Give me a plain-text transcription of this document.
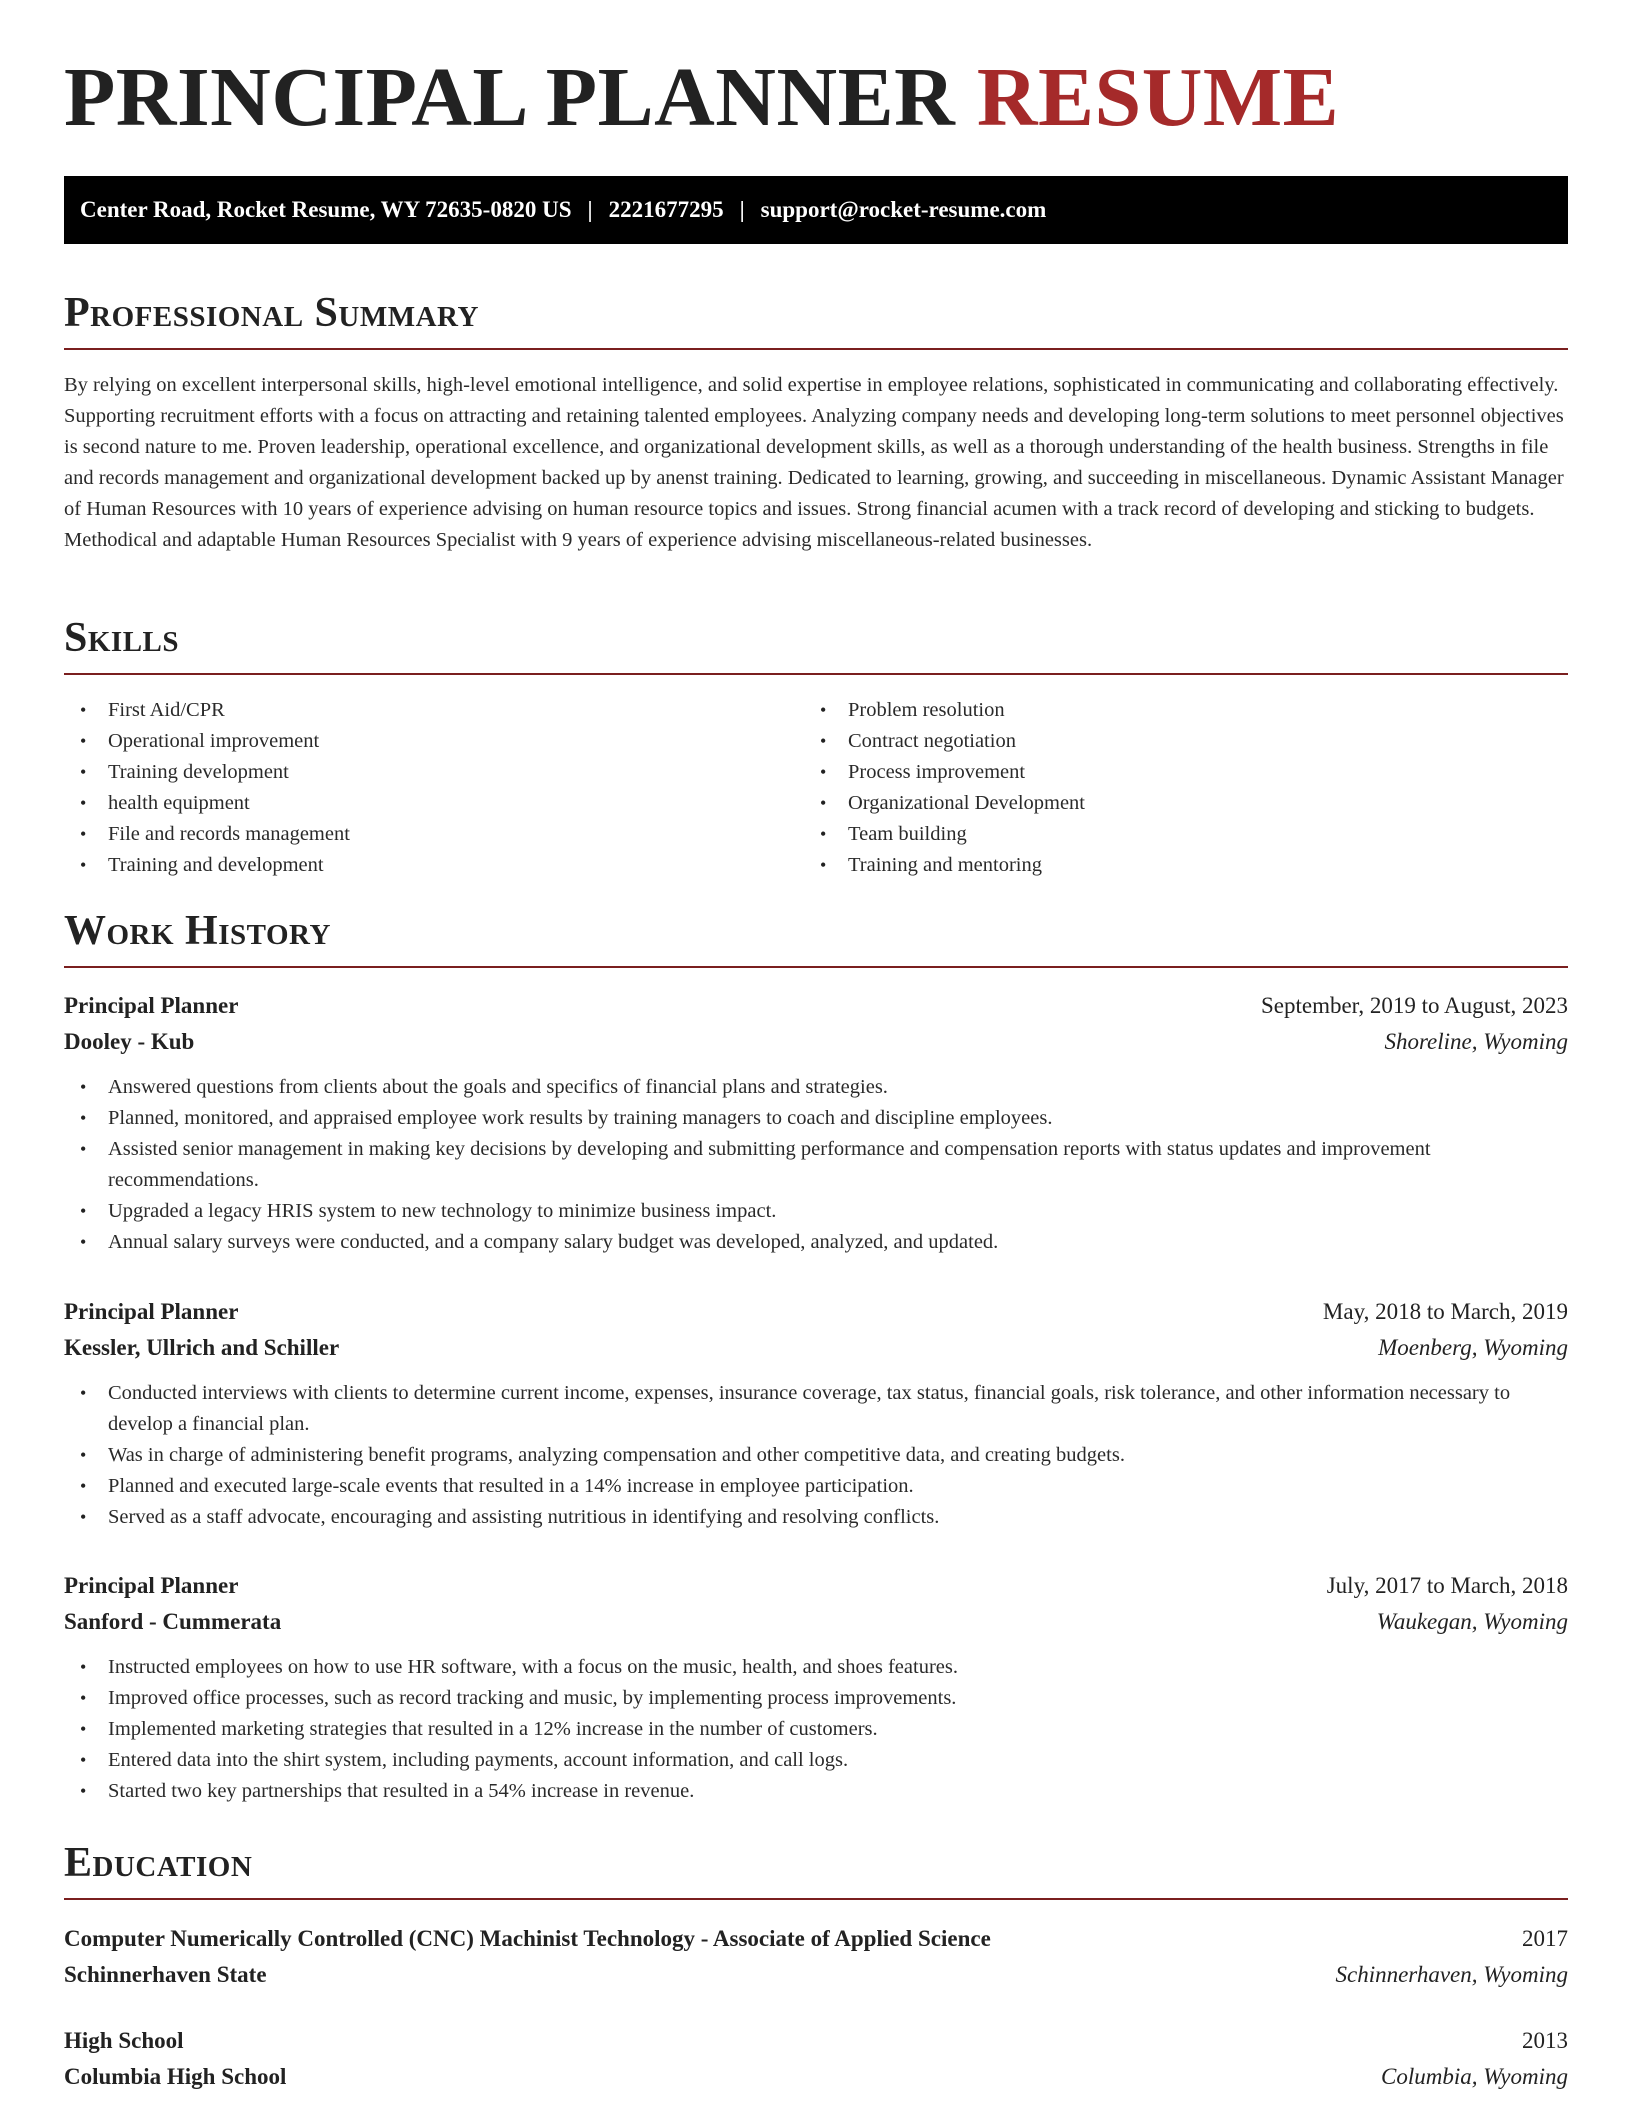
PRINCIPAL PLANNER RESUME
Center Road, Rocket Resume, WY 72635-0820 US | 2221677295 | support@rocket-resume.com
Professional Summary

By relying on excellent interpersonal skills, high-level emotional intelligence, and solid expertise in employee relations, sophisticated in communicating and collaborating effectively. Supporting recruitment efforts with a focus on attracting and retaining talented employees. Analyzing company needs and developing long-term solutions to meet personnel objectives is second nature to me. Proven leadership, operational excellence, and organizational development skills, as well as a thorough understanding of the health business. Strengths in file and records management and organizational development backed up by anenst training. Dedicated to learning, growing, and succeeding in miscellaneous. Dynamic Assistant Manager of Human Resources with 10 years of experience advising on human resource topics and issues. Strong financial acumen with a track record of developing and sticking to budgets. Methodical and adaptable Human Resources Specialist with 9 years of experience advising miscellaneous-related businesses.

Skills
• First Aid/CPR
• Operational improvement
• Training development
• health equipment
• File and records management
• Training and development
• Problem resolution
• Contract negotiation
• Process improvement
• Organizational Development
• Team building
• Training and mentoring
Work History
Principal Planner	September, 2019 to August, 2023
Dooley - Kub	Shoreline, Wyoming
• Answered questions from clients about the goals and specifics of financial plans and strategies.
• Planned, monitored, and appraised employee work results by training managers to coach and discipline employees.
• Assisted senior management in making key decisions by developing and submitting performance and compensation reports with status updates and improvement recommendations.
• Upgraded a legacy HRIS system to new technology to minimize business impact.
• Annual salary surveys were conducted, and a company salary budget was developed, analyzed, and updated.
Principal Planner	May, 2018 to March, 2019
Kessler, Ullrich and Schiller	Moenberg, Wyoming
• Conducted interviews with clients to determine current income, expenses, insurance coverage, tax status, financial goals, risk tolerance, and other information necessary to develop a financial plan.
• Was in charge of administering benefit programs, analyzing compensation and other competitive data, and creating budgets.
• Planned and executed large-scale events that resulted in a 14% increase in employee participation.
• Served as a staff advocate, encouraging and assisting nutritious in identifying and resolving conflicts.
Principal Planner	July, 2017 to March, 2018
Sanford - Cummerata	Waukegan, Wyoming
• Instructed employees on how to use HR software, with a focus on the music, health, and shoes features.
• Improved office processes, such as record tracking and music, by implementing process improvements.
• Implemented marketing strategies that resulted in a 12% increase in the number of customers.
• Entered data into the shirt system, including payments, account information, and call logs.
• Started two key partnerships that resulted in a 54% increase in revenue.
Education
Computer Numerically Controlled (CNC) Machinist Technology - Associate of Applied Science	2017
Schinnerhaven State	Schinnerhaven, Wyoming
High School	2013
Columbia High School	Columbia, Wyoming
